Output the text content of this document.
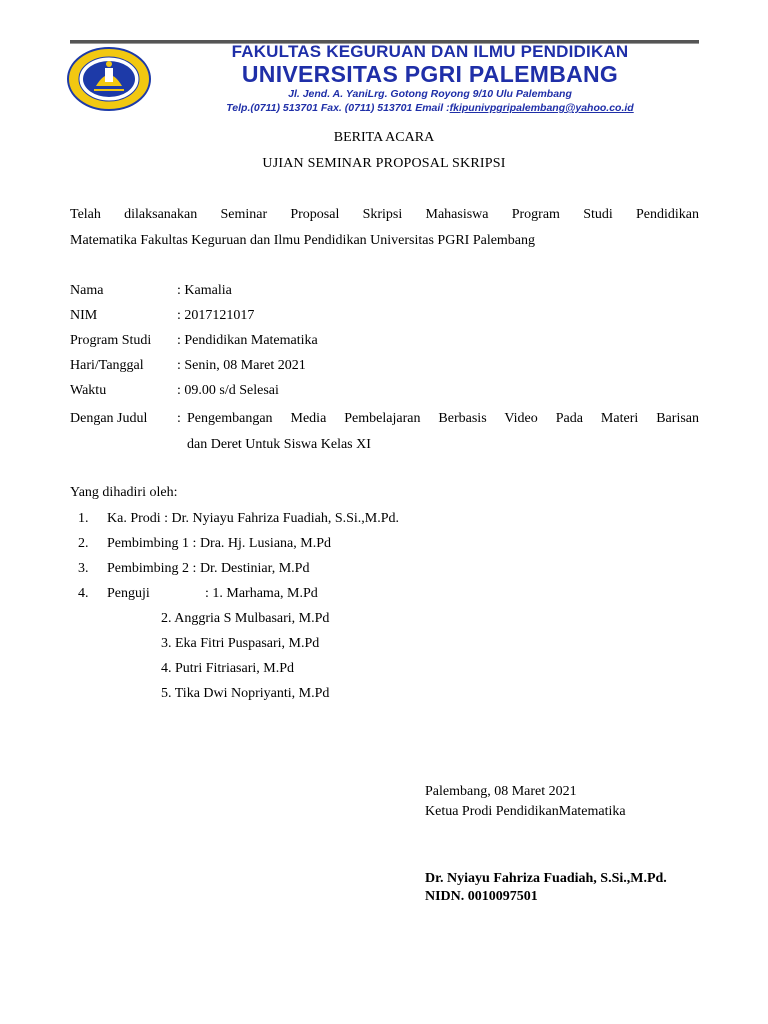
FAKULTAS KEGURUAN DAN ILMU PENDIDIKAN
UNIVERSITAS PGRI PALEMBANG
Jl. Jend. A. YaniLrg. Gotong Royong 9/10 Ulu Palembang
Telp.(0711) 513701 Fax. (0711) 513701 Email :fkipunivpgripalembang@yahoo.co.id
BERITA ACARA
UJIAN SEMINAR PROPOSAL SKRIPSI
Telah dilaksanakan Seminar Proposal Skripsi Mahasiswa Program Studi Pendidikan
Matematika Fakultas Keguruan dan Ilmu Pendidikan Universitas PGRI Palembang
Nama	: Kamalia
NIM	: 2017121017
Program Studi : Pendidikan Matematika
Hari/Tanggal : Senin, 08 Maret 2021
Waktu	: 09.00 s/d Selesai
Dengan Judul : Pengembangan Media Pembelajaran Berbasis Video Pada Materi Barisan
dan Deret Untuk Siswa Kelas XI
Yang dihadiri oleh:
1. Ka. Prodi : Dr. Nyiayu Fahriza Fuadiah, S.Si.,M.Pd.
2. Pembimbing 1 : Dra. Hj. Lusiana, M.Pd
3. Pembimbing 2 : Dr. Destiniar, M.Pd
4. Penguji	: 1. Marhama, M.Pd
2. Anggria S Mulbasari, M.Pd
3. Eka Fitri Puspasari, M.Pd
4. Putri Fitriasari, M.Pd
5. Tika Dwi Nopriyanti, M.Pd
Palembang, 08 Maret 2021
Ketua Prodi PendidikanMatematika
Dr. Nyiayu Fahriza Fuadiah, S.Si.,M.Pd.
NIDN. 0010097501
